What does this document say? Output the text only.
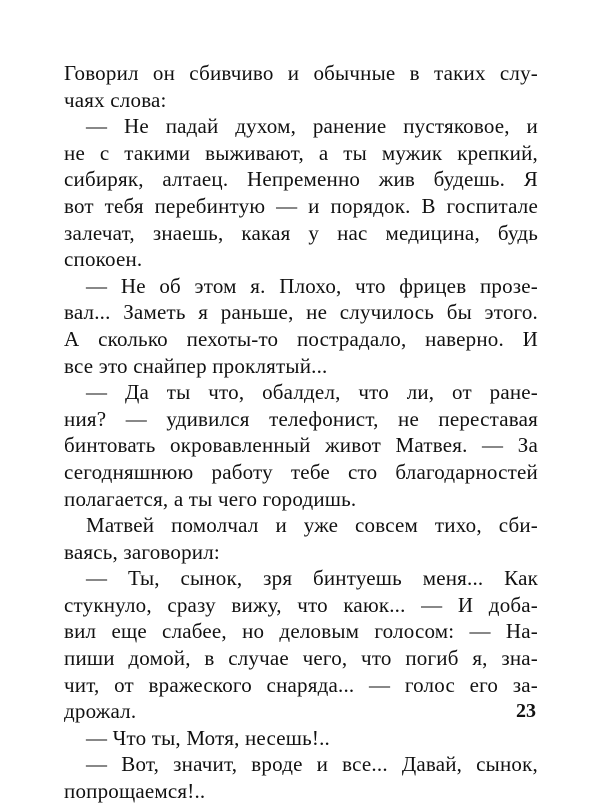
Говорил он сбивчиво и обычные в таких слу-
чаях слова:
— Не падай духом, ранение пустяковое, и
не с такими выживают, а ты мужик крепкий,
сибиряк, алтаец. Непременно жив будешь. Я
вот тебя перебинтую — и порядок. В госпитале
залечат, знаешь, какая у нас медицина, будь
спокоен.
— Не об этом я. Плохо, что фрицев прозе-
вал... Заметь я раньше, не случилось бы этого.
А сколько пехоты-то пострадало, наверно. И
все это снайпер проклятый...
— Да ты что, обалдел, что ли, от ране-
ния? — удивился телефонист, не переставая
бинтовать окровавленный живот Матвея. — За
сегодняшнюю работу тебе сто благодарностей
полагается, а ты чего городишь.
Матвей помолчал и уже совсем тихо, сби-
ваясь, заговорил:
— Ты, сынок, зря бинтуешь меня... Как
стукнуло, сразу вижу, что каюк... — И доба-
вил еще слабее, но деловым голосом: — На-
пиши домой, в случае чего, что погиб я, зна-
чит, от вражеского снаряда... — голос его за-
дрожал.
— Что ты, Мотя, несешь!..
— Вот, значит, вроде и все... Давай, сынок,
попрощаемся!..
23
